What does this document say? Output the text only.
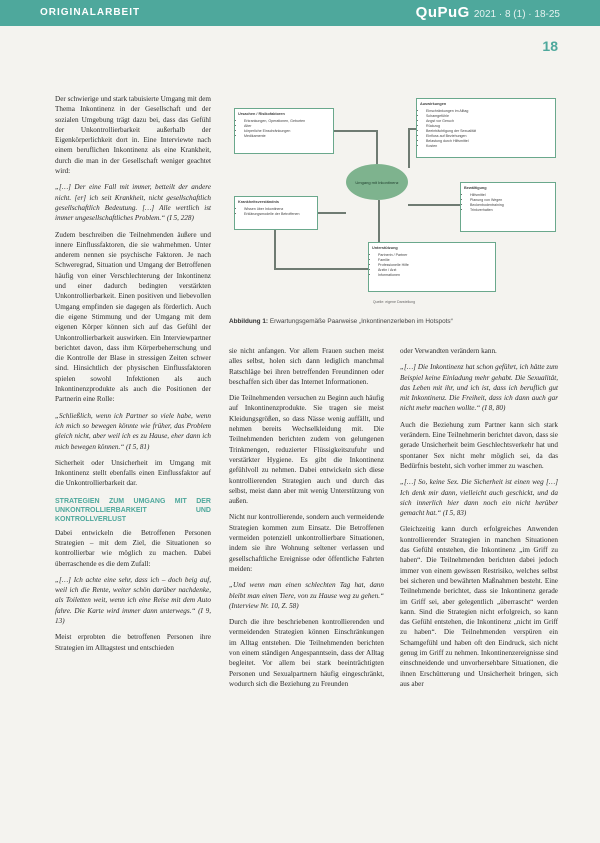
ORIGINALARBEIT	QuPuG 2021 · 8 (1) · 18-25
18

Der schwierige und stark tabuisierte Umgang mit dem Thema Inkontinenz in der Gesellschaft und der sozialen Umgebung trägt dazu bei, dass das Gefühl der Unkontrollierbarkeit außerhalb der Eigenkörperlichkeit dort in. Eine Interviewte nach einem beruflichen Inkontinenz als eine Krankheit, durch die man in der Gesellschaft weniger geachtet wird:

„[…] Der eine Fall mit immer, betteilt der andere nicht. [er] ich seit Krankheit, nicht gesellschaftlich gesellschaftlich Bedeutung. […] Alle wertlich ist immer ungesellschaftliches Problem.“ (I 5, 228)

Zudem beschreiben die Teilnehmenden äußere und innere Einflussfaktoren, die sie wahrnehmen. Unter anderem nennen sie psychische Faktoren. Je nach Schweregrad, Situation und Umgang der Betroffenen häufig von einer Verschlechterung der Inkontinenz und einer dadurch bedingten verstärkten Unkontrollierbarkeit. Einen positiven und liebevollen Umgang empfinden sie dagegen als förderlich. Auch die eigene Stimmung und der Umgang mit dem eigenen Körper können sich auf das Gefühl der Unkontrollierbarkeit auswirken. Ein Interviewpartner berichtet davon, dass ihm Körperbeherrschung und die Kontrolle der Blase in stressigen Zeiten schwer sind. Hinsichtlich der physischen Einflussfaktoren spielen sowohl Infektionen als auch Inkontinenzprodukte als auch die Positionen der Partnerin eine Rolle:

„Schließlich, wenn ich Partner so viele habe, wenn ich mich so bewegen könnte wie früher, das Problem gleich nicht, aber weil ich es zu Hause, eher dann ich mich bewegen können.“ (I 5, 81)

Sicherheit oder Unsicherheit im Umgang mit Inkontinenz stellt ebenfalls einen Einflussfaktor auf die Unkontrollierbarkeit dar.

STRATEGIEN ZUM UMGANG MIT DER UNKONTROLLIERBARKEIT UND KONTROLLVERLUST

Dabei entwickeln die Betroffenen Personen Strategien – mit dem Ziel, die Situationen so kontrollierbar wie möglich zu machen. Dabei überraschende es die dem Zufall:

„[…] Ich achte eine sehr, dass ich – doch beig auf, weil ich die Rente, weiter schön darüber nachdenke, als Toiletten weit, wenn ich eine Reise mit dem Auto fahre. Die Karte wird immer dann unterwegs.“ (I 9, 13)

Meist erprobten die betroffenen Personen ihre Strategien im Alltagstest und entschieden

sie nicht anfangen. Vor allem Frauen suchen meist alles selbst, holen sich dann lediglich manchmal Ratschläge bei ihren betreffenden Freundinnen oder beschaffen sich über das Internet Informationen.

Die Teilnehmenden versuchen zu Beginn auch häufig auf Inkontinenzprodukte. Sie tragen sie meist Kleidungsgrößen, so dass Nässe wenig auffällt, und nehmen bereits Wechselkleidung mit. Die Teilnehmenden berichten zudem von gelungenen Trinkmengen, reduzierter Flüssigkeitszufuhr und verstärkter Hygiene. Es gibt die Inkontinenz gefühlvoll zu nehmen. Dabei entwickeln sich diese kontrollierenden Strategien auch und durch das selbst, meist dann aber mit wenig Unterstützung von außen.

Nicht nur kontrollierende, sondern auch vermeidende Strategien kommen zum Einsatz. Die Betroffenen vermeiden potenziell unkontrollierbare Situationen, indem sie ihre Wohnung seltener verlassen und gesellschaftliche Ereignisse oder öffentliche Fahrten meiden:

„Und wenn man einen schlechten Tag hat, dann bleibt man einen Tiere, von zu Hause weg zu gehen.“ (Interview Nr. 10, Z. 58)

Durch die ihre beschriebenen kontrollierenden und vermeidenden Strategien können Einschränkungen im Alltag entstehen. Die Teilnehmenden berichten von einem ständigen Angespanntsein, dass der Alltag begleitet. Vor allem bei stark beeinträchtigten Personen und Sexualpartnern häufig eingeschränkt, wodurch sich die Beziehung zu Freunden

oder Verwandten verändern kann.

„[…] Die Inkontinenz hat schon geführt, ich hätte zum Beispiel keine Einladung mehr gehabt. Die Sexualität, das Leben mit ihr, und ich ist, dass ich beruflich gut mit Inkontinenz. Die Freiheit, dass ich dann auch gar nicht mehr machen wollte.“ (I 8, 80)

Auch die Beziehung zum Partner kann sich stark verändern. Eine Teilnehmerin berichtet davon, dass sie gerade Unsicherheit beim Geschlechtsverkehr hat und spontaner Sex nicht mehr möglich sei, da das Bedürfnis besteht, sich vorher immer zu waschen.

„[…] So, keine Sex. Die Sicherheit ist einen weg […] Ich denk mir dann, vielleicht auch geschickt, und da sich innerlich hier dann noch ein nicht herüber gemacht hat.“ (I 5, 83)

Gleichzeitig kann durch erfolgreiches Anwenden kontrollierender Strategien in manchen Situationen das Gefühl entstehen, die Inkontinenz „im Griff zu haben“. Die Teilnehmenden berichten dabei jedoch immer von einem gewissen Restrisiko, welches selbst bei sicheren und bewährten Maßnahmen besteht. Eine Teilnehmende berichtet, dass sie Inkontinenz gerade im Griff sei, aber gelegentlich „überrascht“ werden kann. Sind die Strategien nicht erfolgreich, so kann das Gefühl entstehen, die Inkontinenz „nicht im Griff zu haben“. Die Teilnehmenden verspüren ein Schamgefühl und haben oft den Eindruck, sich nicht genug im Griff zu nehmen. Inkontinenzereignisse sind einschneidende und unvorhersehbare Situationen, die ihnen Erschütterung und Unsicherheit bringen, sich aus aber

Ursachen / Risikofaktoren
• Erkrankungen, Operationen, Geburten
• Alter
• körperliche Einschränkungen
• Medikamente
Krankheitsverständnis
• Wissen über Inkontinenz
• Erklärungsmodelle der Betroffenen
Auswirkungen
• Einschränkungen im Alltag
• Schamgefühle
• Angst vor Geruch
• Rückzug
• Beeinträchtigung der Sexualität
• Einfluss auf Beziehungen
• Belastung durch Hilfsmittel
• Kosten
Bewältigung
• Hilfsmittel
• Planung von Wegen
• Beckenbodentraining
• Trinkverhalten
Unterstützung
• Partnerin / Partner
• Familie
• Professionelle Hilfe
• Ärztin / Arzt
• Informationen
Umgang mit Inkontinenz
Quelle: eigene Darstellung
Abbildung 1: Erwartungsgemäße Paarweise „Inkontinenzerleben im Hotspots“
